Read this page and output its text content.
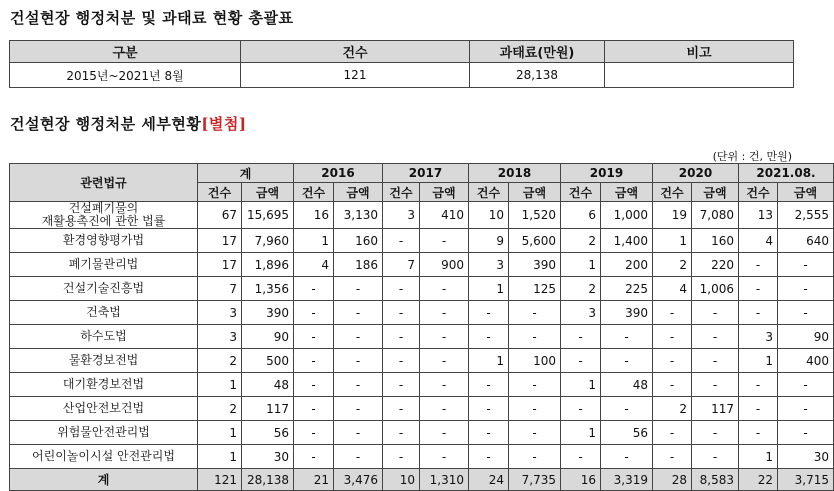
건설현장 행정처분 및 과태료 현황 총괄표
구분	건수	과태료(만원)	비고
2015년~2021년 8월	121	28,138	
건설현장 행정처분 세부현황[별첨]
(단위 : 건, 만원)
관련법규	계		2016		2017		2018		2019		2020		2021.08.	
	건수	금액	건수	금액	건수	금액	건수	금액	건수	금액	건수	금액	건수	금액

건설폐기물의
재활용촉진에 관한 법률	67	15,695	16	3,130	3	410	10	1,520	6	1,000	19	7,080	13	2,555

환경영향평가법	17	7,960	1	160	-	-	9	5,600	2	1,400	1	160	4	640

폐기물관리법	17	1,896	4	186	7	900	3	390	1	200	2	220	-	-

건설기술진흥법	7	1,356	-	-	-	-	1	125	2	225	4	1,006	-	-

건축법	3	390	-	-	-	-	-	-	3	390	-	-	-	-

하수도법	3	90	-	-	-	-	-	-	-	-	-	-	3	90

물환경보전법	2	500	-	-	-	-	1	100	-	-	-	-	1	400

대기환경보전법	1	48	-	-	-	-	-	-	1	48	-	-	-	-

산업안전보건법	2	117	-	-	-	-	-	-	-	-	2	117	-	-

위험물안전관리법	1	56	-	-	-	-	-	-	1	56	-	-	-	-

어린이놀이시설 안전관리법	1	30	-	-	-	-	-	-	-	-	-	-	1	30
계	121	28,138	21	3,476	10	1,310	24	7,735	16	3,319	28	8,583	22	3,715
